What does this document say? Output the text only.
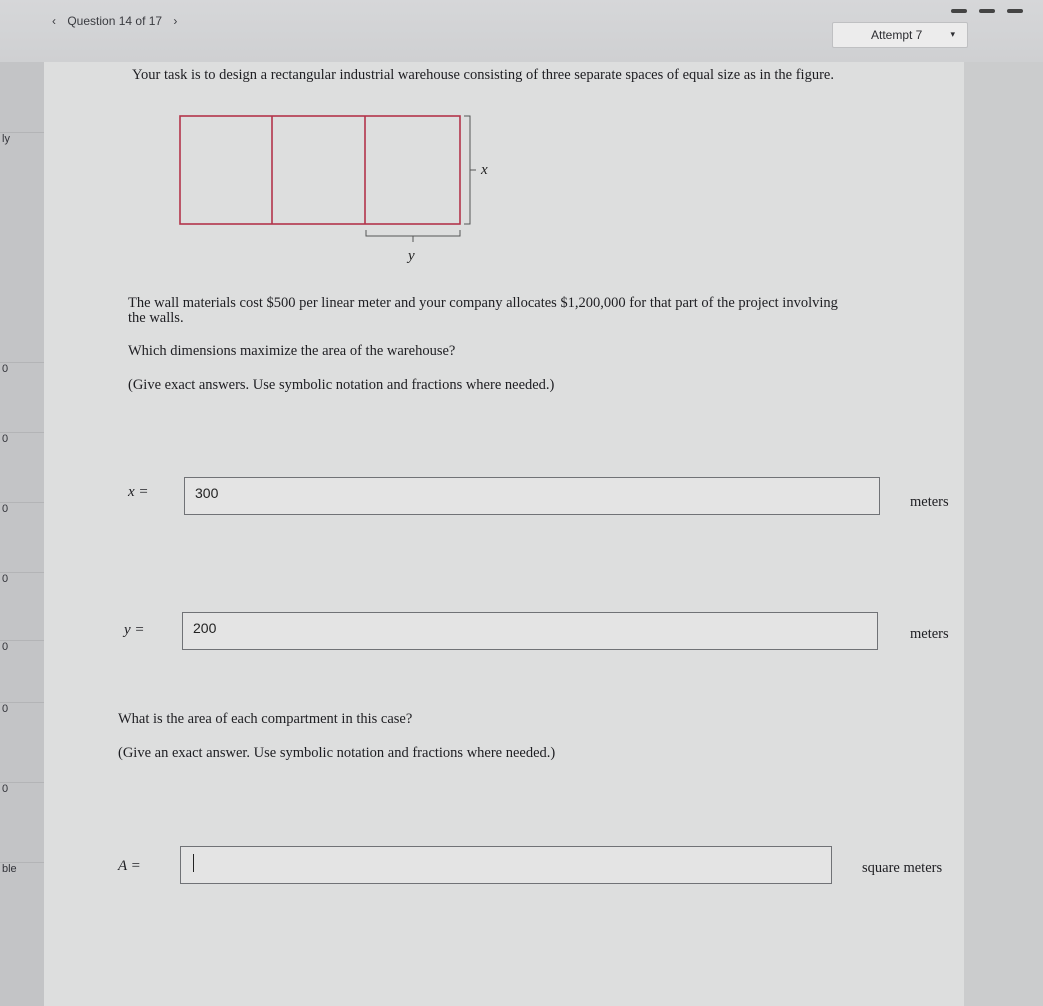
‹ Question 14 of 17 ›
Attempt 7	▾

ly
0
0
0
0
0
0
0
ble
Your task is to design a rectangular industrial warehouse consisting of three separate spaces of equal size as in the figure.
x
y
The wall materials cost $500 per linear meter and your company allocates $1,200,000 for that part of the project involving
the walls.
Which dimensions maximize the area of the warehouse?
(Give exact answers. Use symbolic notation and fractions where needed.)
x =	300
meters
y =	200	meters
What is the area of each compartment in this case?
(Give an exact answer. Use symbolic notation and fractions where needed.)
A =	square meters
